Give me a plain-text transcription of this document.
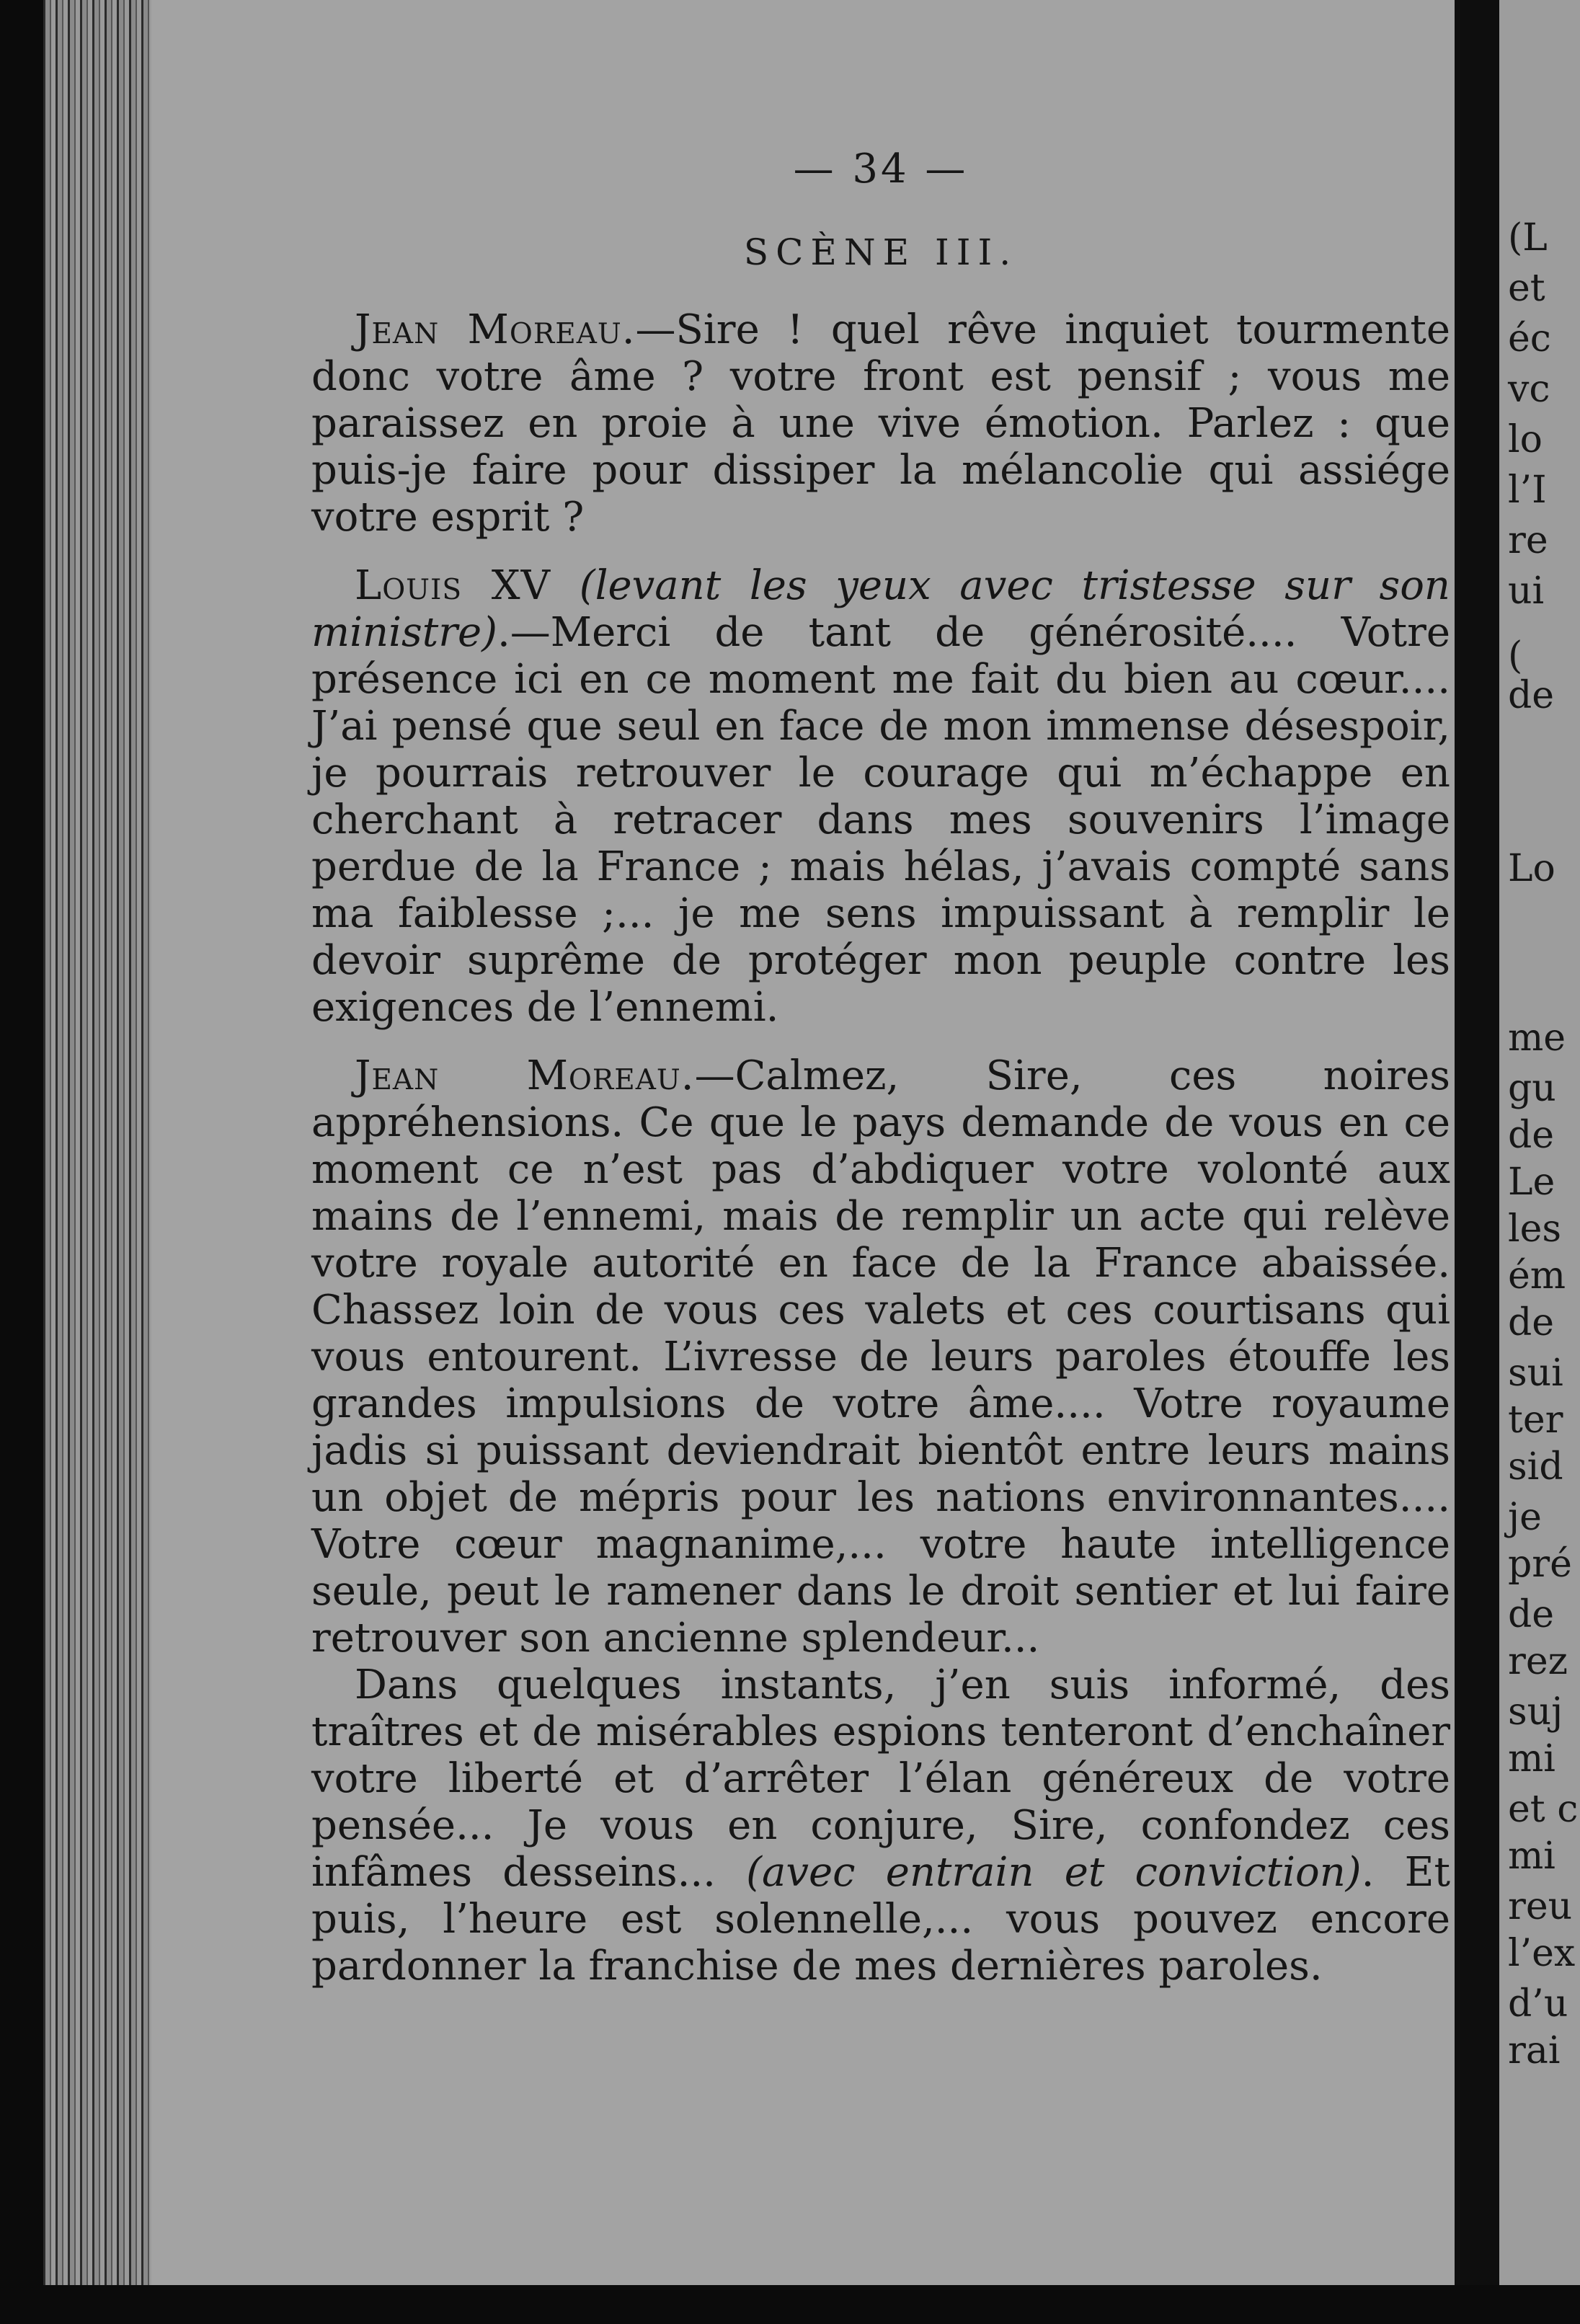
— 34 —
SCÈNE III.

Jean Moreau.—Sire ! quel rêve inquiet tourmente donc votre âme ? votre front est pensif ; vous me paraissez en proie à une vive émotion. Parlez : que puis-je faire pour dissiper la mélancolie qui assiége votre esprit ?

Louis XV (levant les yeux avec tristesse sur son ministre).—Merci de tant de générosité.... Votre présence ici en ce moment me fait du bien au cœur.... J’ai pensé que seul en face de mon immense désespoir, je pourrais retrouver le courage qui m’échappe en cherchant à retracer dans mes souvenirs l’image perdue de la France ; mais hélas, j’avais compté sans ma faiblesse ;... je me sens impuissant à remplir le devoir suprême de protéger mon peuple contre les exigences de l’ennemi.

Jean Moreau.—Calmez, Sire, ces noires appréhensions. Ce que le pays demande de vous en ce moment ce n’est pas d’abdiquer votre volonté aux mains de l’ennemi, mais de remplir un acte qui relève votre royale autorité en face de la France abaissée. Chassez loin de vous ces valets et ces courtisans qui vous entourent. L’ivresse de leurs paroles étouffe les grandes impulsions de votre âme.... Votre royaume jadis si puissant deviendrait bientôt entre leurs mains un objet de mépris pour les nations environnantes.... Votre cœur magnanime,... votre haute intelligence seule, peut le ramener dans le droit sentier et lui faire retrouver son ancienne splendeur...

Dans quelques instants, j’en suis informé, des traîtres et de misérables espions tenteront d’enchaîner votre liberté et d’arrêter l’élan généreux de votre pensée... Je vous en conjure, Sire, confondez ces infâmes desseins... (avec entrain et conviction). Et puis, l’heure est solennelle,... vous pouvez encore pardonner la franchise de mes dernières paroles.

(L
et
éc
vc
lo
l’I
re
ui
(
de
Lo
me
gu
de
Le
les
ém
de
sui
ter
sid
je
pré
de
rez
suj
mi
et c
mi
reu
l’ex
d’u
rai
